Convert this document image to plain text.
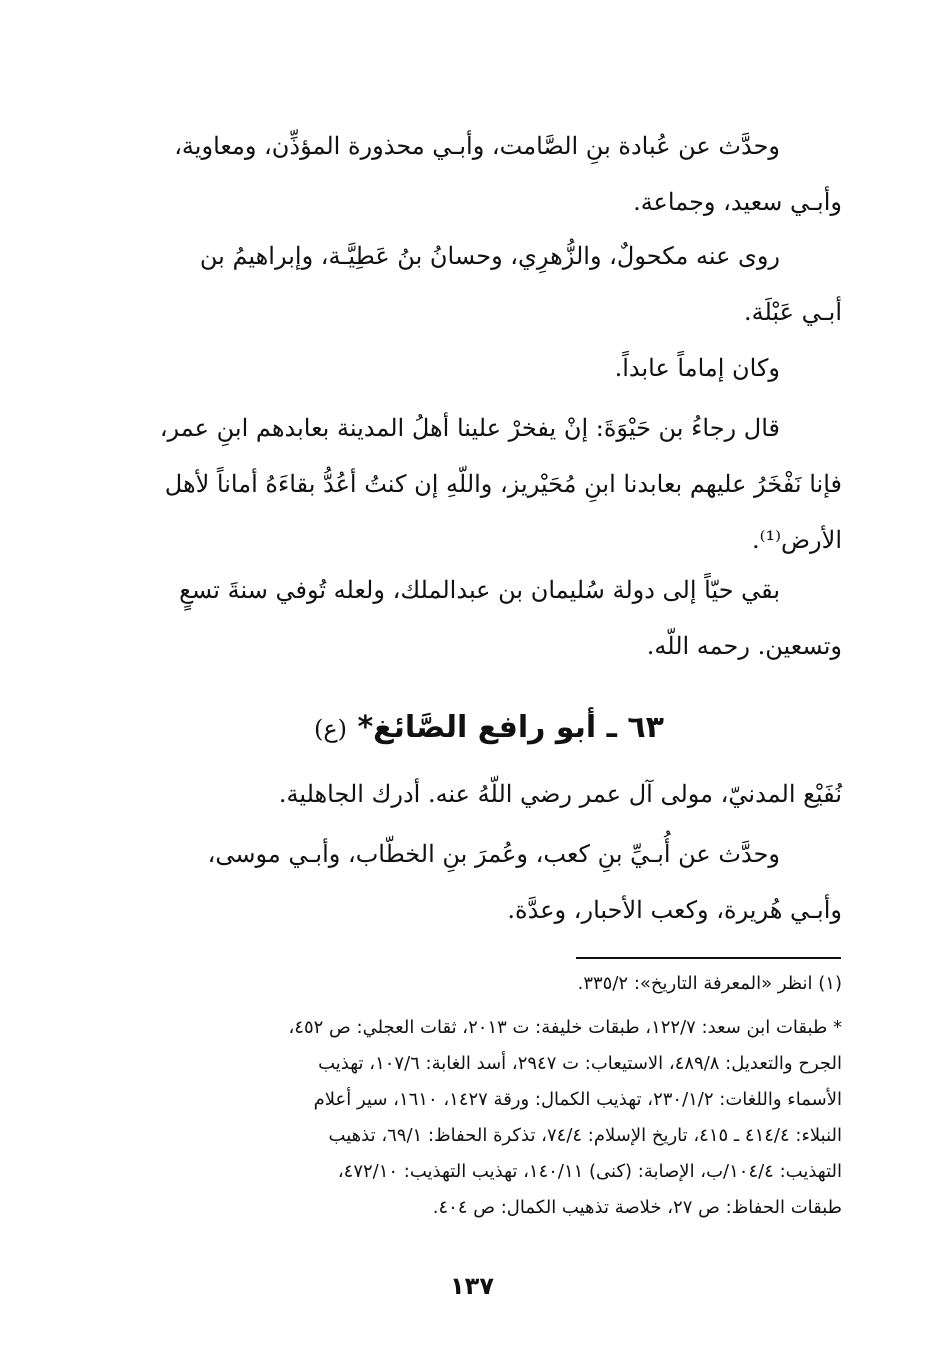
وحدَّث عن عُبادة بنِ الصَّامت، وأبـي محذورة المؤذِّن، ومعاوية،
وأبـي سعيد، وجماعة.

روى عنه مكحولٌ، والزُّهرِي، وحسانُ بنُ عَطِيَّـة، وإبراهيمُ بن
أبـي عَبْلَة.

وكان إماماً عابداً.

قال رجاءُ بن حَيْوَةَ: إنْ يفخرْ علينا أهلُ المدينة بعابدهم ابنِ عمر،
فإنا نَفْخَرُ عليهم بعابدنا ابنِ مُحَيْريز، واللّهِ إن كنتُ أعُدُّ بقاءَهُ أماناً لأهل
الأرض⁽¹⁾.

بقي حيّاً إلى دولة سُليمان بن عبدالملك، ولعله تُوفي سنةَ تسعٍ
وتسعين. رحمه اللّه.

٦٣ ـ أبو رافع الصَّائغ* (ع)

نُفَيْع المدنيّ، مولى آل عمر رضي اللّهُ عنه. أدرك الجاهلية.

وحدَّث عن أُبـيِّ بنِ كعب، وعُمرَ بنِ الخطّاب، وأبـي موسى،
وأبـي هُريرة، وكعب الأحبار، وعدَّة.

(١) انظر «المعرفة التاريخ»: ٣٣٥/٢.
* طبقات ابن سعد: ١٢٢/٧، طبقات خليفة: ت ٢٠١٣، ثقات العجلي: ص ٤٥٢،
الجرح والتعديل: ٤٨٩/٨، الاستيعاب: ت ٢٩٤٧، أسد الغابة: ١٠٧/٦، تهذيب
الأسماء واللغات: ٢٣٠/١/٢، تهذيب الكمال: ورقة ١٤٢٧، ١٦١٠، سير أعلام
النبلاء: ٤١٤/٤ ـ ٤١٥، تاريخ الإسلام: ٧٤/٤، تذكرة الحفاظ: ٦٩/١، تذهيب
التهذيب: ١٠٤/٤/ب، الإصابة: (كنى) ١٤٠/١١، تهذيب التهذيب: ٤٧٢/١٠،
طبقات الحفاظ: ص ٢٧، خلاصة تذهيب الكمال: ص ٤٠٤.
١٣٧
